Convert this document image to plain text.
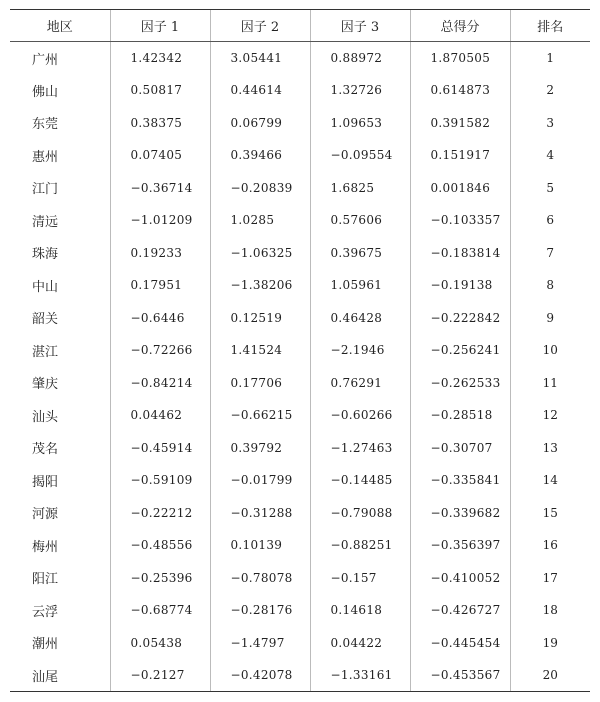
地区	因子 1	因子 2	因子 3	总得分	排名
广州	1.42342	3.05441	0.88972	1.870505	1
佛山	0.50817	0.44614	1.32726	0.614873	2
东莞	0.38375	0.06799	1.09653	0.391582	3
惠州	0.07405	0.39466	−0.09554	0.151917	4
江门	−0.36714	−0.20839	1.6825	0.001846	5
清远	−1.01209	1.0285	0.57606	−0.103357	6
珠海	0.19233	−1.06325	0.39675	−0.183814	7
中山	0.17951	−1.38206	1.05961	−0.19138	8
韶关	−0.6446	0.12519	0.46428	−0.222842	9
湛江	−0.72266	1.41524	−2.1946	−0.256241	10
肇庆	−0.84214	0.17706	0.76291	−0.262533	11
汕头	0.04462	−0.66215	−0.60266	−0.28518	12
茂名	−0.45914	0.39792	−1.27463	−0.30707	13
揭阳	−0.59109	−0.01799	−0.14485	−0.335841	14
河源	−0.22212	−0.31288	−0.79088	−0.339682	15
梅州	−0.48556	0.10139	−0.88251	−0.356397	16
阳江	−0.25396	−0.78078	−0.157	−0.410052	17
云浮	−0.68774	−0.28176	0.14618	−0.426727	18
潮州	0.05438	−1.4797	0.04422	−0.445454	19
汕尾	−0.2127	−0.42078	−1.33161	−0.453567	20
